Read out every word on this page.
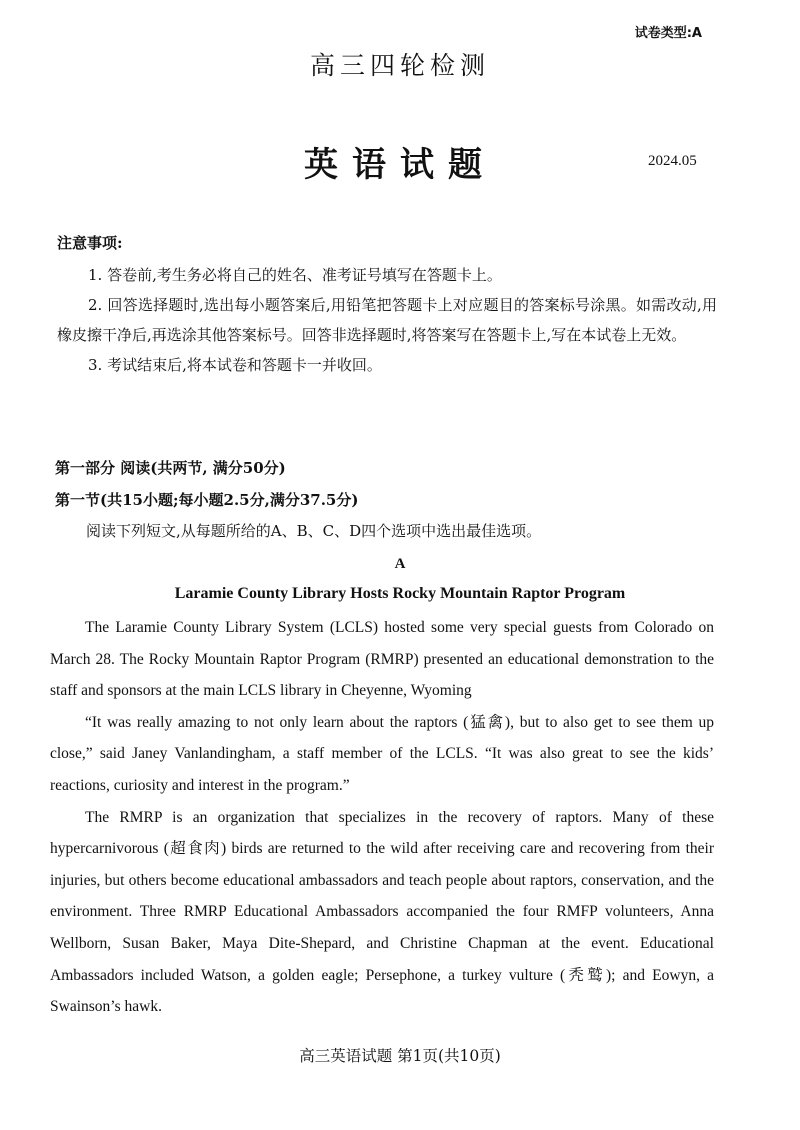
试卷类型:A
高三四轮检测
英语试题	2024.05
注意事项:

1. 答卷前,考生务必将自己的姓名、准考证号填写在答题卡上。

2. 回答选择题时,选出每小题答案后,用铅笔把答题卡上对应题目的答案标号涂黑。如需改动,用橡皮擦干净后,再选涂其他答案标号。回答非选择题时,将答案写在答题卡上,写在本试卷上无效。

3. 考试结束后,将本试卷和答题卡一并收回。

第一部分 阅读(共两节, 满分50分)
第一节(共15小题;每小题2.5分,满分37.5分)
阅读下列短文,从每题所给的A、B、C、D四个选项中选出最佳选项。
A
Laramie County Library Hosts Rocky Mountain Raptor Program

The Laramie County Library System (LCLS) hosted some very special guests from Colorado on March 28. The Rocky Mountain Raptor Program (RMRP) presented an educational demonstration to the staff and sponsors at the main LCLS library in Cheyenne, Wyoming

“It was really amazing to not only learn about the raptors (猛禽), but to also get to see them up close,” said Janey Vanlandingham, a staff member of the LCLS. “It was also great to see the kids’ reactions, curiosity and interest in the program.”

The RMRP is an organization that specializes in the recovery of raptors. Many of these hypercarnivorous (超食肉) birds are returned to the wild after receiving care and recovering from their injuries, but others become educational ambassadors and teach people about raptors, conservation, and the environment. Three RMRP Educational Ambassadors accompanied the four RMFP volunteers, Anna Wellborn, Susan Baker, Maya Dite-Shepard, and Christine Chapman at the event. Educational Ambassadors included Watson, a golden eagle; Persephone, a turkey vulture (秃鹫); and Eowyn, a Swainson’s hawk.

高三英语试题 第1页(共10页)
